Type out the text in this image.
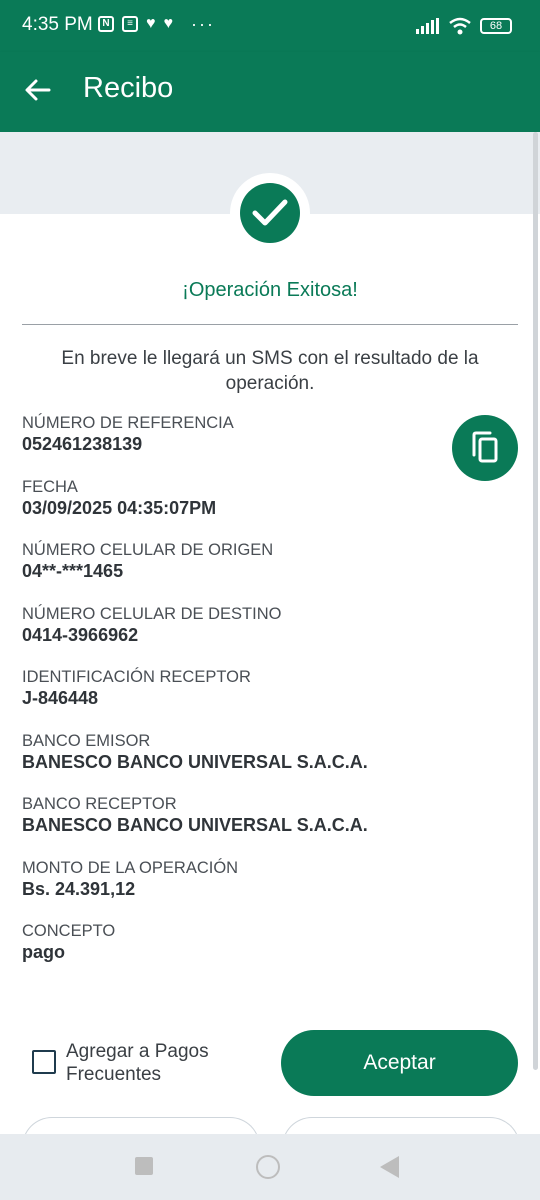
4:35 PM N	≡ ♥ ♥ ···	68
Recibo
¡Operación Exitosa!
En breve le llegará un SMS con el resultado de la operación.
NÚMERO DE REFERENCIA
052461238139
FECHA
03/09/2025 04:35:07PM
NÚMERO CELULAR DE ORIGEN
04**-***1465
NÚMERO CELULAR DE DESTINO
0414-3966962
IDENTIFICACIÓN RECEPTOR
J-846448
BANCO EMISOR
BANESCO BANCO UNIVERSAL S.A.C.A.
BANCO RECEPTOR
BANESCO BANCO UNIVERSAL S.A.C.A.
MONTO DE LA OPERACIÓN
Bs. 24.391,12
CONCEPTO
pago
Agregar a Pagos Frecuentes
Aceptar
